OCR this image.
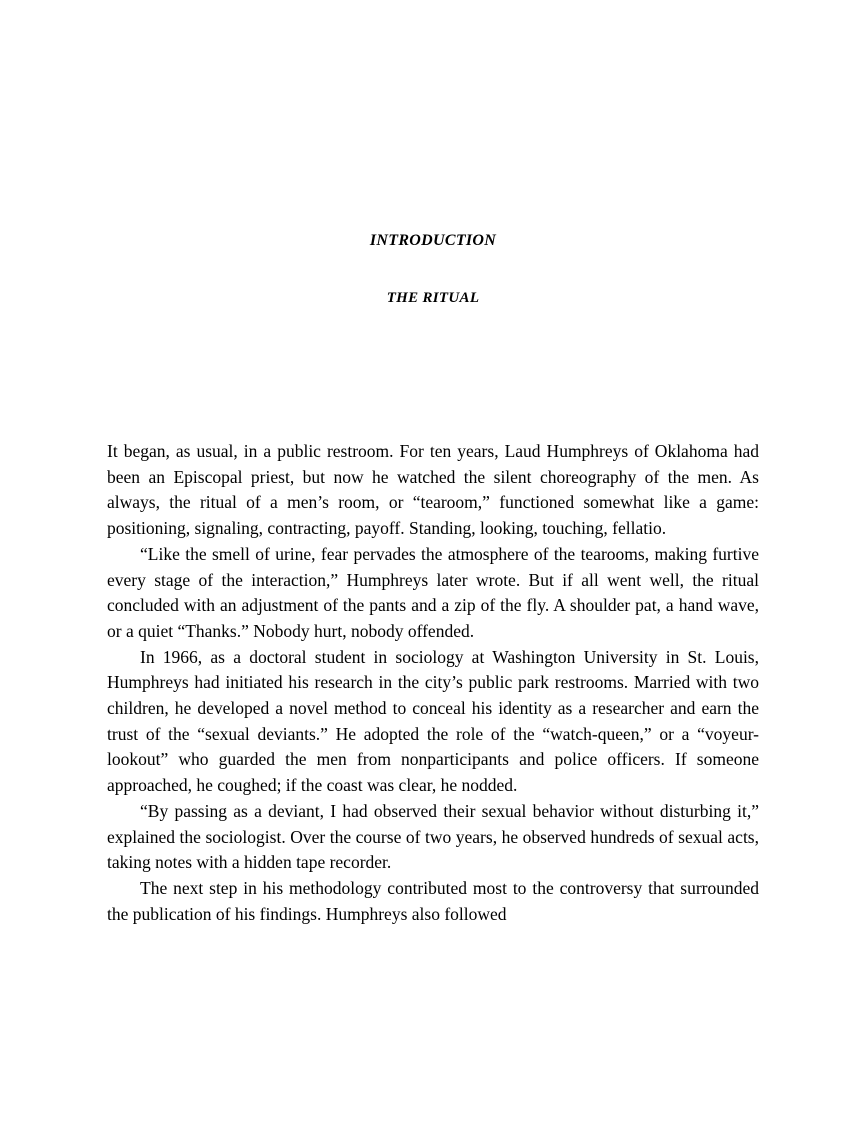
INTRODUCTION
THE RITUAL

It began, as usual, in a public restroom. For ten years, Laud Humphreys of Oklahoma had been an Episcopal priest, but now he watched the silent choreography of the men. As always, the ritual of a men’s room, or “tearoom,” functioned somewhat like a game: positioning, signaling, contracting, payoff. Standing, looking, touching, fellatio.

“Like the smell of urine, fear pervades the atmosphere of the tearooms, making furtive every stage of the interaction,” Humphreys later wrote. But if all went well, the ritual concluded with an adjustment of the pants and a zip of the fly. A shoulder pat, a hand wave, or a quiet “Thanks.” Nobody hurt, nobody offended.

In 1966, as a doctoral student in sociology at Washington University in St. Louis, Humphreys had initiated his research in the city’s public park restrooms. Married with two children, he developed a novel method to conceal his identity as a researcher and earn the trust of the “sexual deviants.” He adopted the role of the “watch-queen,” or a “voyeur-lookout” who guarded the men from nonparticipants and police officers. If someone approached, he coughed; if the coast was clear, he nodded.

“By passing as a deviant, I had observed their sexual behavior without disturbing it,” explained the sociologist. Over the course of two years, he observed hundreds of sexual acts, taking notes with a hidden tape recorder.

The next step in his methodology contributed most to the controversy that surrounded the publication of his findings. Humphreys also followed
